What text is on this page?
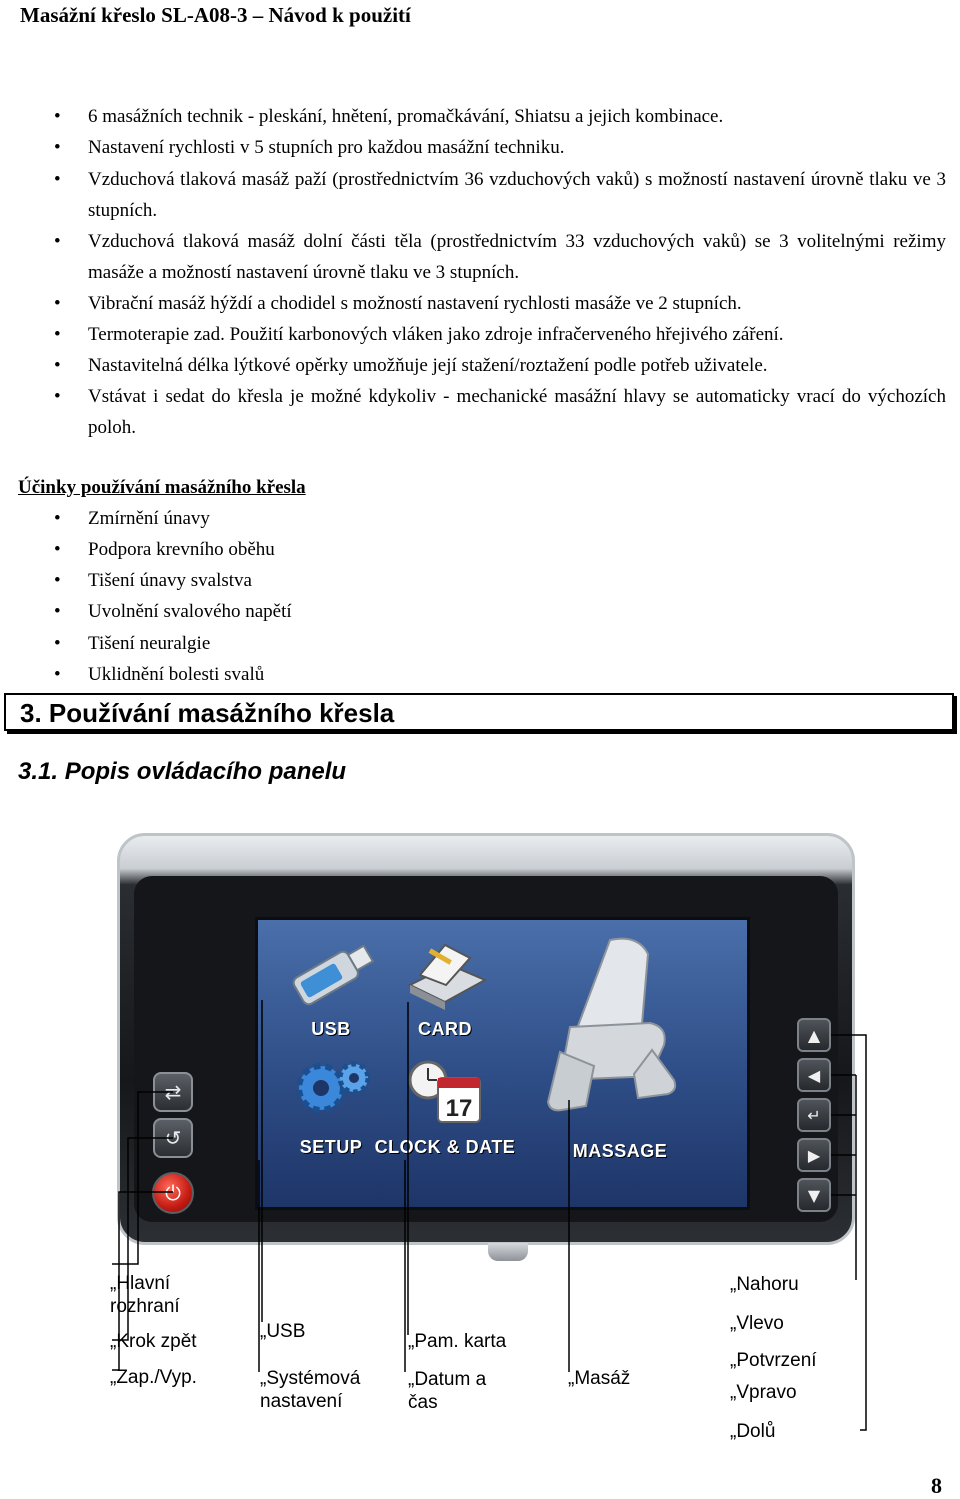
Masážní křeslo SL-A08-3 – Návod k použití
• 6 masážních technik - pleskání, hnětení, promačkávání, Shiatsu a jejich kombinace.
• Nastavení rychlosti v 5 stupních pro každou masážní techniku.
• Vzduchová tlaková masáž paží (prostřednictvím 36 vzduchových vaků) s možností nastavení úrovně tlaku ve 3 stupních.
• Vzduchová tlaková masáž dolní části těla (prostřednictvím 33 vzduchových vaků) se 3 volitelnými režimy masáže a možností nastavení úrovně tlaku ve 3 stupních.
• Vibrační masáž hýždí a chodidel s možností nastavení rychlosti masáže ve 2 stupních.
• Termoterapie zad. Použití karbonových vláken jako zdroje infračerveného hřejivého záření.
• Nastavitelná délka lýtkové opěrky umožňuje její stažení/roztažení podle potřeb uživatele.
• Vstávat i sedat do křesla je možné kdykoliv - mechanické masážní hlavy se automaticky vrací do výchozích poloh.
Účinky používání masážního křesla
• Zmírnění únavy
• Podpora krevního oběhu
• Tišení únavy svalstva
• Uvolnění svalového napětí
• Tišení neuralgie
• Uklidnění bolesti svalů
3. Používání masážního křesla
3.1. Popis ovládacího panelu
USB	CARD
SETUP
17
CLOCK & DATE	MASSAGE
⇄
↺
⏻
▲
◀
↵
▶
▼
„Hlavní rozhraní
„Krok zpět
„Zap./Vyp.
„USB
„Systémová nastavení
„Pam. karta
„Datum a čas
„Masáž
„Nahoru
„Vlevo
„Potvrzení
„Vpravo
„Dolů
8
